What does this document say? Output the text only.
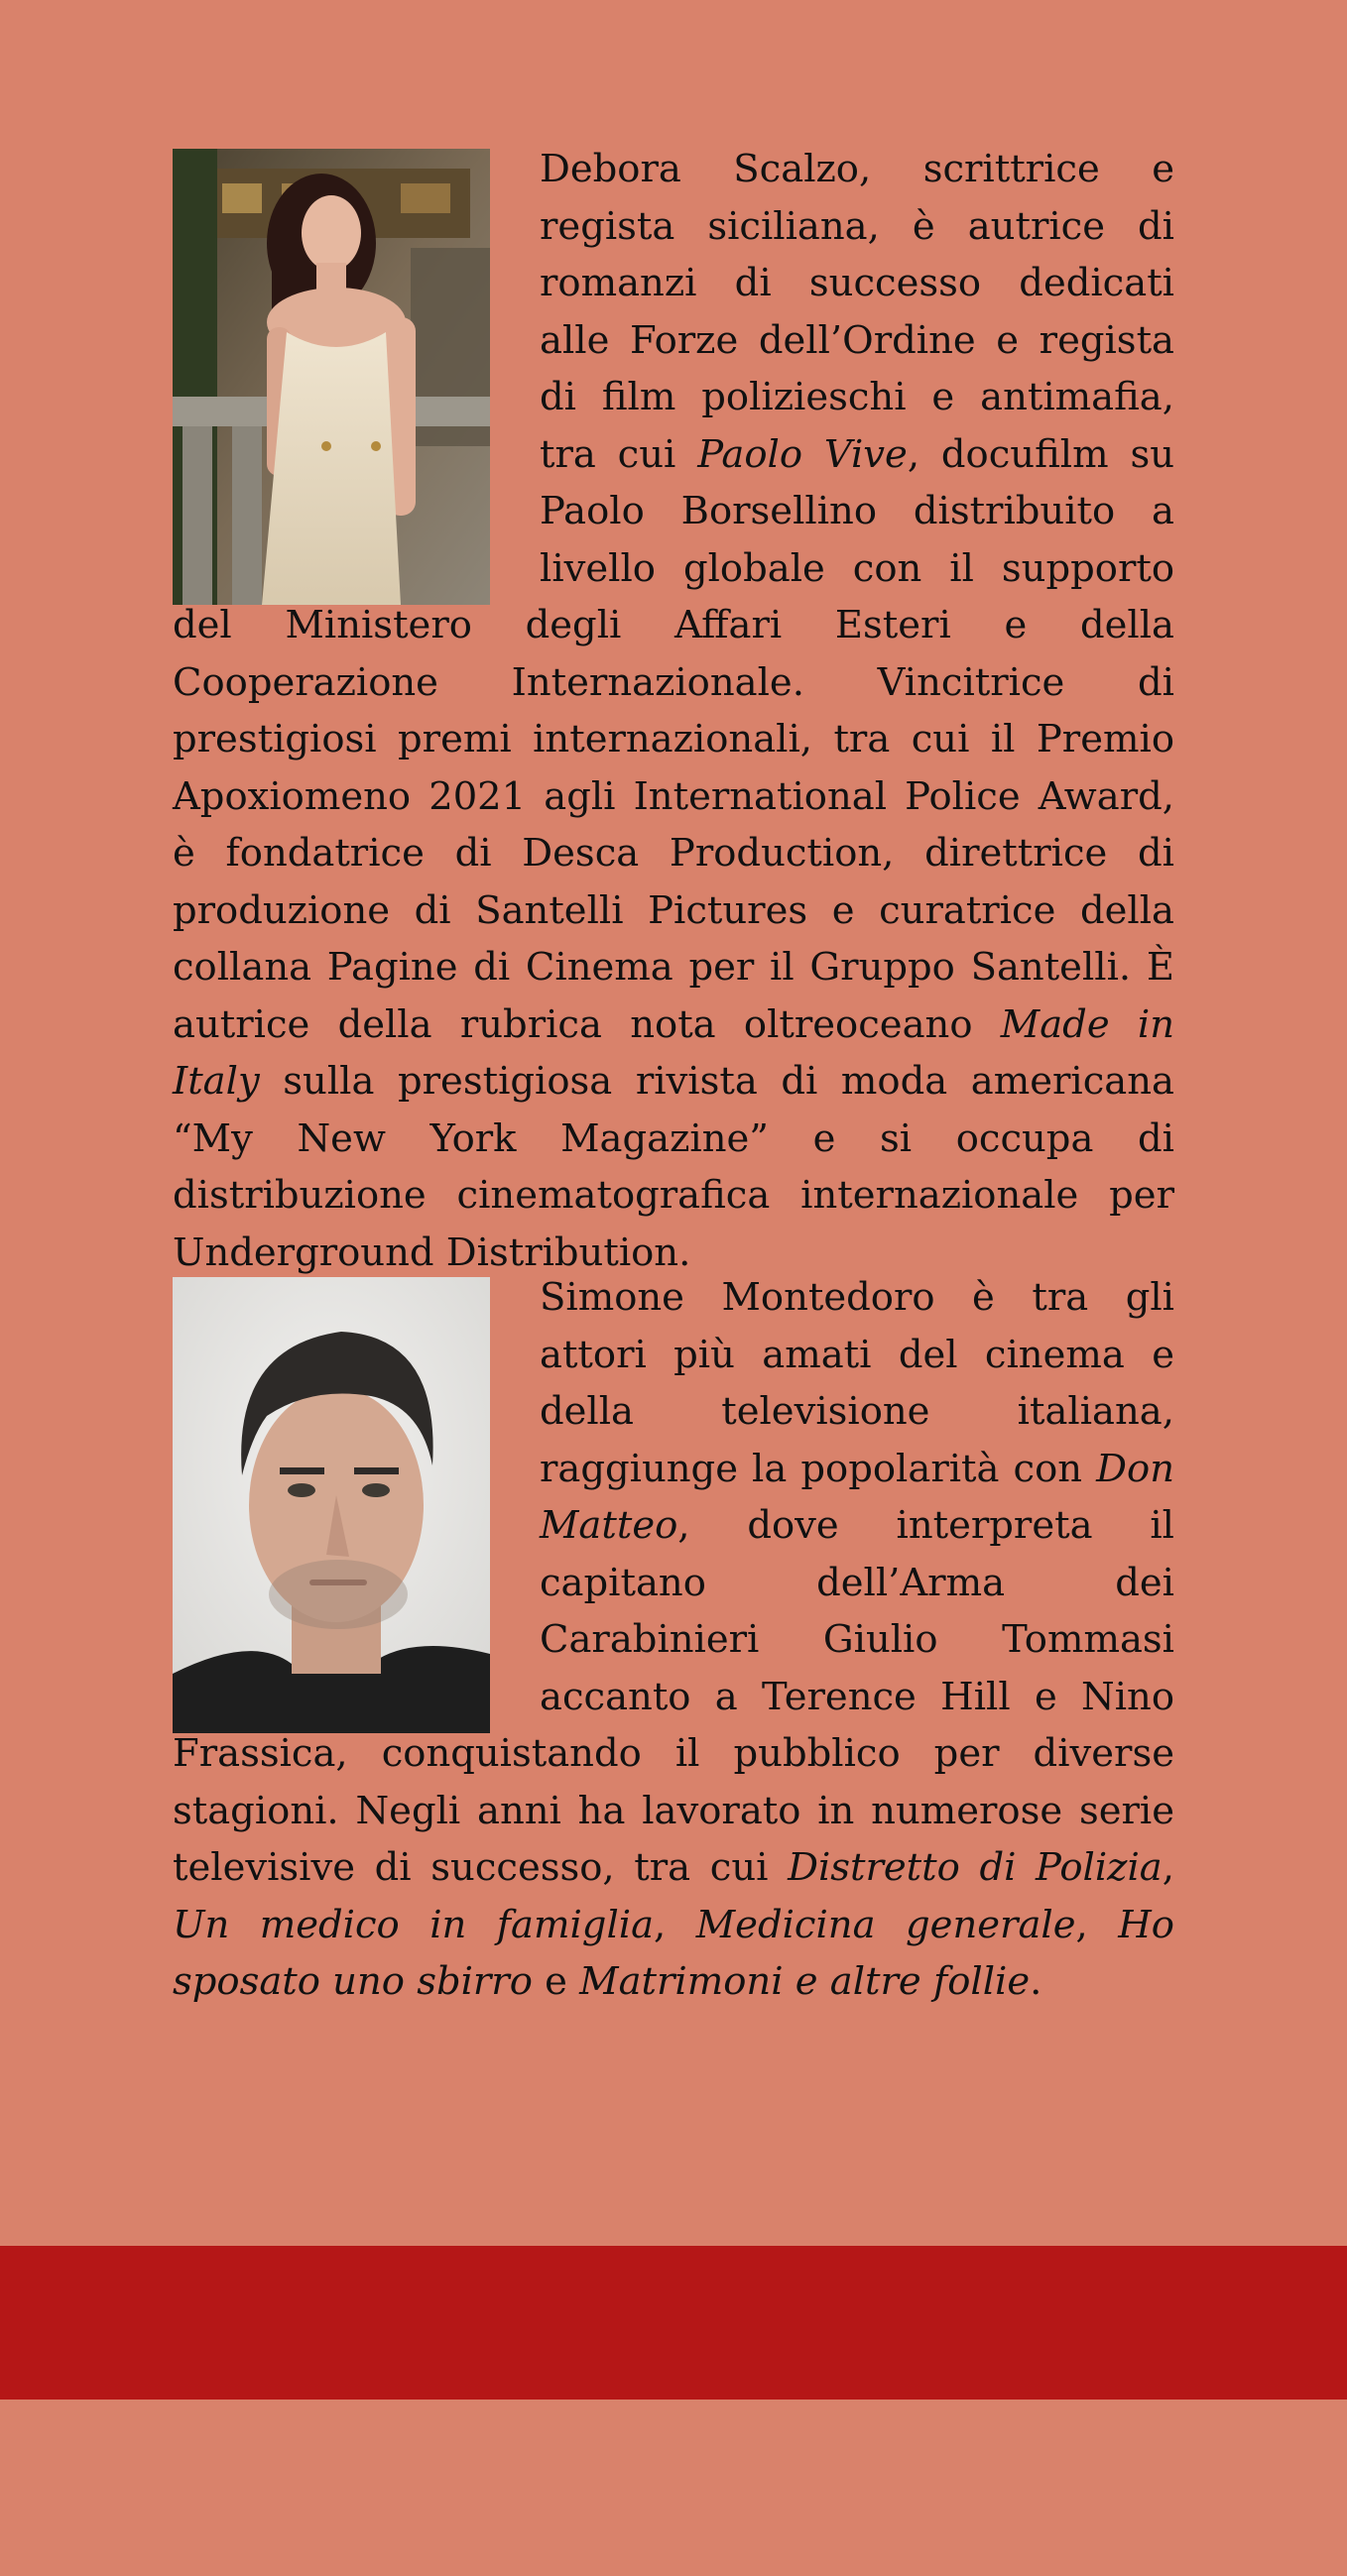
Debora Scalzo, scrittrice e regista siciliana, è autrice di romanzi di successo dedicati alle Forze dell’Ordine e regista di film polizieschi e antimafia, tra cui Paolo Vive, docufilm su Paolo Borsellino distribuito a livello globale con il supporto del Ministero degli Affari Esteri e della Cooperazione Internazionale. Vincitrice di prestigiosi premi internazionali, tra cui il Premio Apoxiomeno 2021 agli International Police Award, è fondatrice di Desca Production, direttrice di produzione di Santelli Pictures e curatrice della collana Pagine di Cinema per il Gruppo Santelli. È autrice della rubrica nota oltreoceano Made in Italy sulla prestigiosa rivista di moda americana “My New York Magazine” e si occupa di distribuzione cinematografica internazionale per Underground Distribution.

Simone Montedoro è tra gli attori più amati del cinema e della televisione italiana, raggiunge la popolarità con Don Matteo, dove interpreta il capitano dell’Arma dei Carabinieri Giulio Tommasi accanto a Terence Hill e Nino Frassica, conquistando il pubblico per diverse stagioni. Negli anni ha lavorato in numerose serie televisive di successo, tra cui Distretto di Polizia, Un medico in famiglia, Medicina generale, Ho sposato uno sbirro e Matrimoni e altre follie.
